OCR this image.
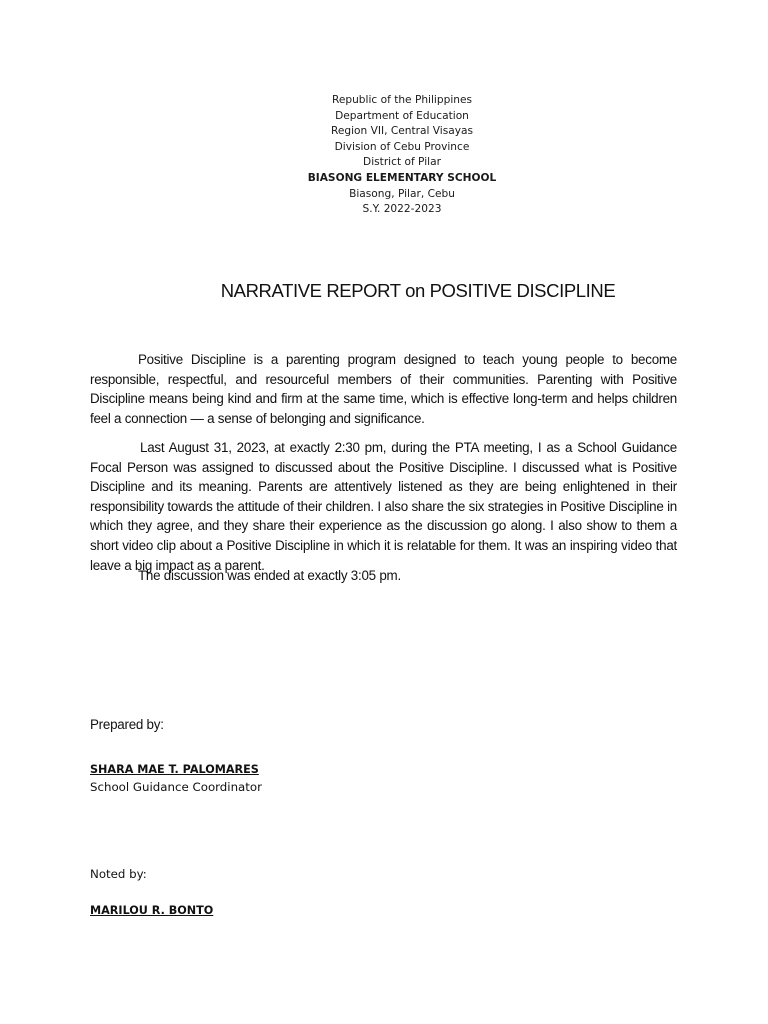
Republic of the Philippines
Department of Education
Region VII, Central Visayas
Division of Cebu Province
District of Pilar
BIASONG ELEMENTARY SCHOOL
Biasong, Pilar, Cebu
S.Y. 2022-2023
NARRATIVE REPORT on POSITIVE DISCIPLINE
Positive Discipline is a parenting program designed to teach young people to become responsible, respectful, and resourceful members of their communities. Parenting with Positive Discipline means being kind and firm at the same time, which is effective long-term and helps children feel a connection — a sense of belonging and significance.
Last August 31, 2023, at exactly 2:30 pm, during the PTA meeting, I as a School Guidance Focal Person was assigned to discussed about the Positive Discipline. I discussed what is Positive Discipline and its meaning. Parents are attentively listened as they are being enlightened in their responsibility towards the attitude of their children. I also share the six strategies in Positive Discipline in which they agree, and they share their experience as the discussion go along. I also show to them a short video clip about a Positive Discipline in which it is relatable for them. It was an inspiring video that leave a big impact as a parent.
The discussion was ended at exactly 3:05 pm.
Prepared by:
SHARA MAE T. PALOMARES
School Guidance Coordinator
Noted by:
MARILOU R. BONTO
